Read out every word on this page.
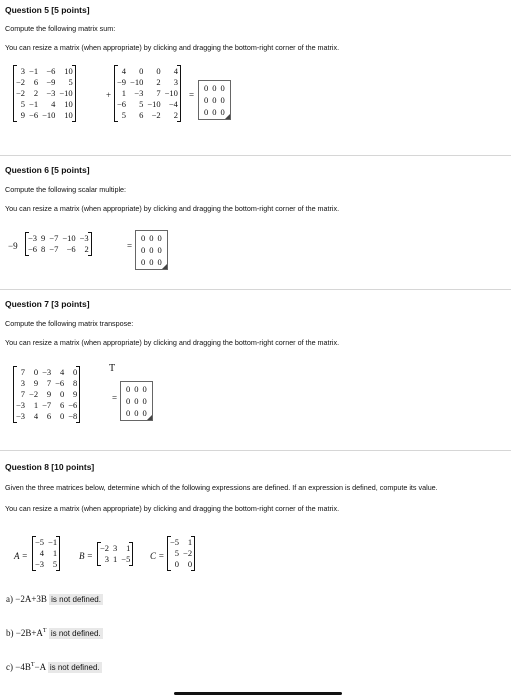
Question 5 [5 points]
Compute the following matrix sum:
You can resize a matrix (when appropriate) by clicking and dragging the bottom-right corner of the matrix.
3	−1	−6	10
−2	6	−9	5
−2	2	−3	−10
5	−1	4	10
9	−6	−10	10
+
4	0	0	4
−9	−10	2	3
1	−3	7	−10
−6	5	−10	−4
5	6	−2	2
=
0	0	0
0	0	0
0	0	0
Question 6 [5 points]
Compute the following scalar multiple:
You can resize a matrix (when appropriate) by clicking and dragging the bottom-right corner of the matrix.
−9
−3	9	−7	−10	−3
−6	8	−7	−6	2	=
0	0	0
0	0	0
0	0	0
Question 7 [3 points]
Compute the following matrix transpose:
You can resize a matrix (when appropriate) by clicking and dragging the bottom-right corner of the matrix.
7	0	−3	4	0
3	9	7	−6	8
7	−2	9	0	9
−3	1	−7	6	−6
−3	4	6	0	−8
T
=
0	0	0
0	0	0
0	0	0
Question 8 [10 points]
Given the three matrices below, determine which of the following expressions are defined. If an expression is defined, compute its value.
You can resize a matrix (when appropriate) by clicking and dragging the bottom-right corner of the matrix.
A =
−5	−1
4	1
−3	5
B =
−2	3	1
3	1	−5 C =
−5	1
5	−2
0	0
a) −2A+3B is not defined.
$b) -2B+A^T$ is not defined.
$c) -4B^T-A$ is not defined.
